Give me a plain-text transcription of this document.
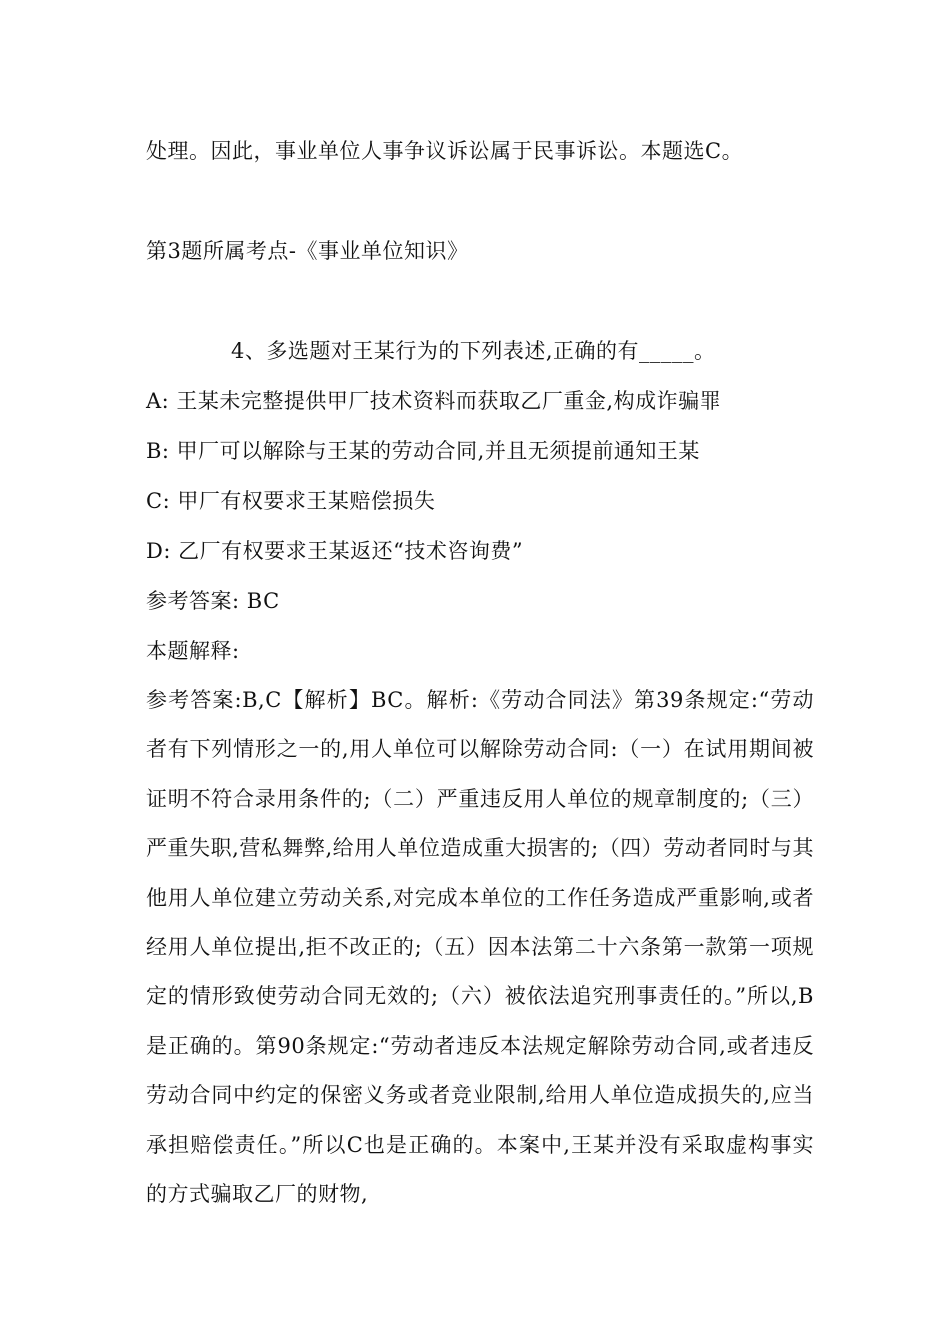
处理。因此，事业单位人事争议诉讼属于民事诉讼。本题选C。
第3题所属考点-《事业单位知识》
4、多选题对王某行为的下列表述,正确的有_____。
A: 王某未完整提供甲厂技术资料而获取乙厂重金,构成诈骗罪
B: 甲厂可以解除与王某的劳动合同,并且无须提前通知王某
C: 甲厂有权要求王某赔偿损失
D: 乙厂有权要求王某返还“技术咨询费”
参考答案: BC
本题解释:
参考答案:B,C【解析】BC。解析:《劳动合同法》第39条规定:“劳动者有下列情形之一的,用人单位可以解除劳动合同:（一）在试用期间被证明不符合录用条件的;（二）严重违反用人单位的规章制度的;（三）严重失职,营私舞弊,给用人单位造成重大损害的;（四）劳动者同时与其他用人单位建立劳动关系,对完成本单位的工作任务造成严重影响,或者经用人单位提出,拒不改正的;（五）因本法第二十六条第一款第一项规定的情形致使劳动合同无效的;（六）被依法追究刑事责任的。”所以,B是正确的。第90条规定:“劳动者违反本法规定解除劳动合同,或者违反劳动合同中约定的保密义务或者竞业限制,给用人单位造成损失的,应当承担赔偿责任。”所以C也是正确的。本案中,王某并没有采取虚构事实的方式骗取乙厂的财物,
